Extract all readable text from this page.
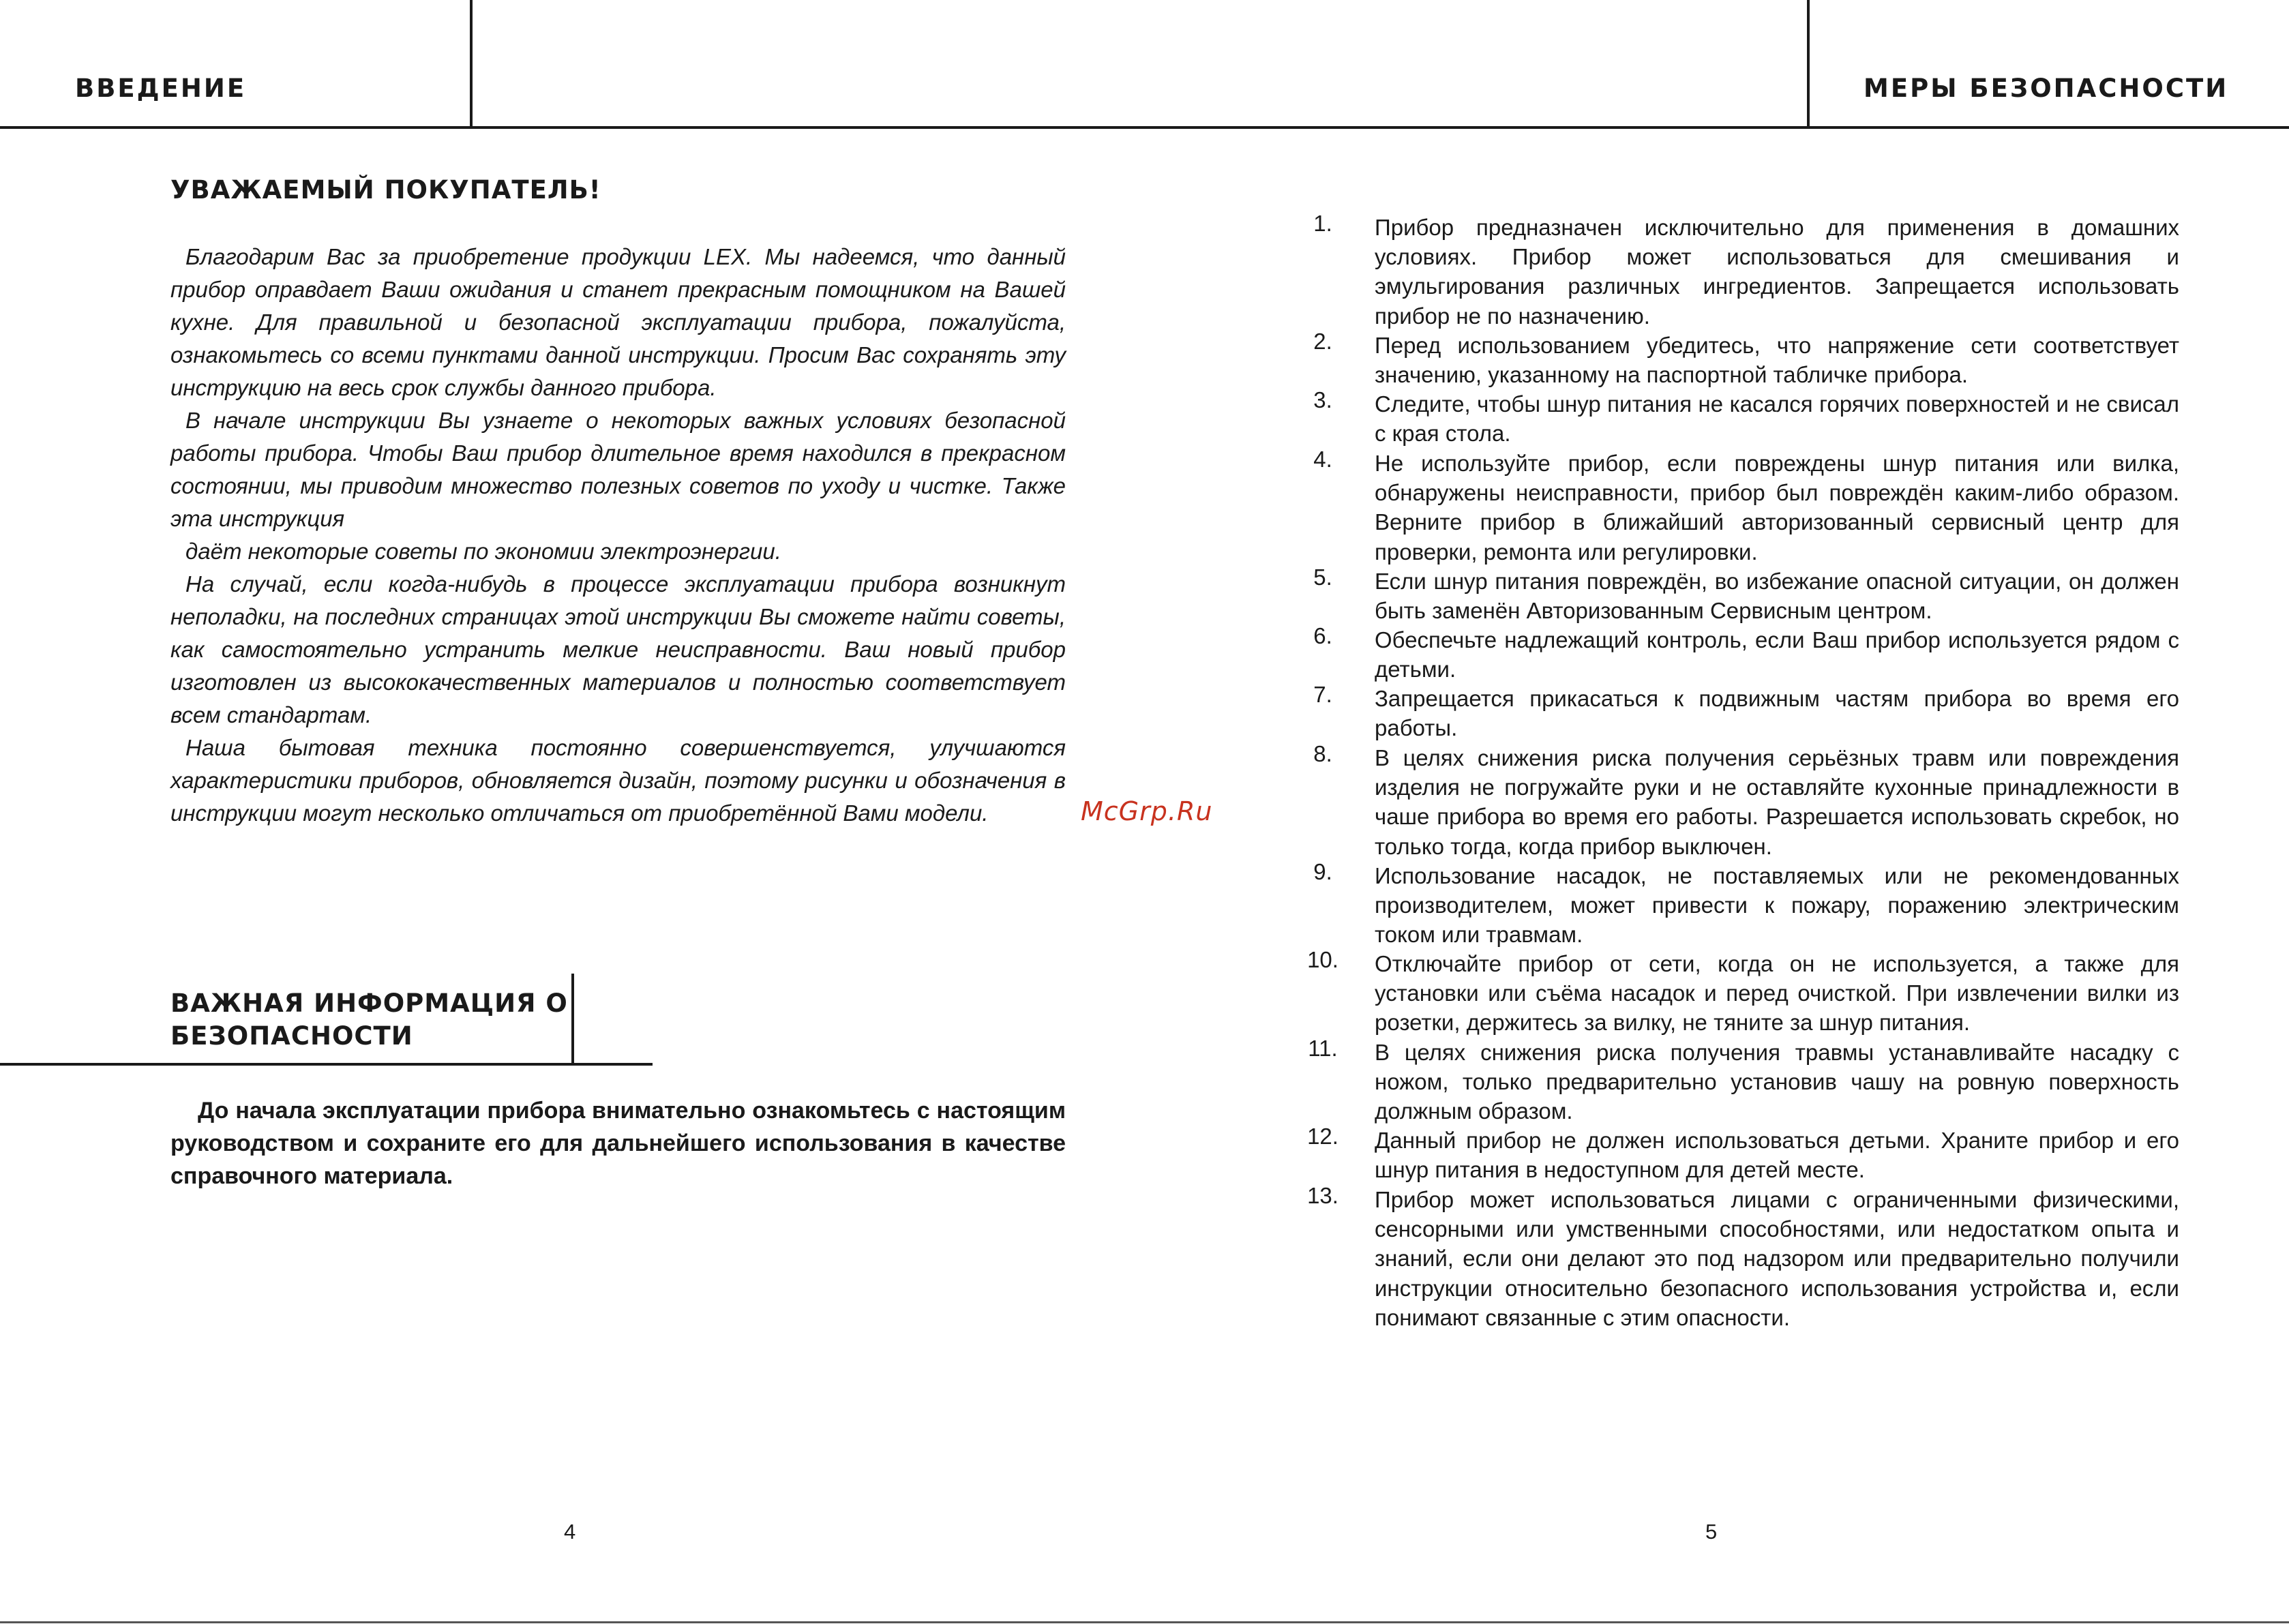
ВВЕДЕНИЕ	МЕРЫ БЕЗОПАСНОСТИ
УВАЖАЕМЫЙ ПОКУПАТЕЛЬ!

Благодарим Вас за приобретение продукции LEX. Мы надеемся, что данный прибор оправдает Ваши ожидания и станет прекрасным помощником на Вашей кухне. Для правильной и безопасной эксплуатации прибора, пожалуйста, ознакомьтесь со всеми пунктами данной инструкции. Просим Вас сохранять эту инструкцию на весь срок службы данного прибора.

В начале инструкции Вы узнаете о некоторых важных условиях безопасной работы прибора. Чтобы Ваш прибор длительное время находился в прекрасном состоянии, мы приводим множество полезных советов по уходу и чистке. Также эта инструкция

даёт некоторые советы по экономии электроэнергии.

На случай, если когда-нибудь в процессе эксплуатации прибора возникнут неполадки, на последних страницах этой инструкции Вы сможете найти советы, как самостоятельно устранить мелкие неисправности. Ваш новый прибор изготовлен из высококачественных материалов и полностью соответствует всем стандартам.

Наша бытовая техника постоянно совершенствуется, улучшаются характеристики приборов, обновляется дизайн, поэтому рисунки и обозначения в инструкции могут несколько отличаться от приобретённой Вами модели.	McGrp.Ru
ВАЖНАЯ ИНФОРМАЦИЯ О
БЕЗОПАСНОСТИ
До начала эксплуатации прибора внимательно ознакомьтесь с настоящим руководством и сохраните его для дальнейшего использования в качестве справочного материала.
1.	Прибор предназначен исключительно для применения в домашних условиях. Прибор может использоваться для смешивания и эмульгирования различных ингредиентов. Запрещается использовать прибор не по назначению.
2.	Перед использованием убедитесь, что напряжение сети соответствует значению, указанному на паспортной табличке прибора.
3.	Следите, чтобы шнур питания не касался горячих поверхностей и не свисал с края стола.
4.	Не используйте прибор, если повреждены шнур питания или вилка, обнаружены неисправности, прибор был повреждён каким-либо образом. Верните прибор в ближайший авторизованный сервисный центр для проверки, ремонта или регулировки.
5.	Если шнур питания повреждён, во избежание опасной ситуации, он должен быть заменён Авторизованным Сервисным центром.
6.	Обеспечьте надлежащий контроль, если Ваш прибор используется рядом с детьми.
7.	Запрещается прикасаться к подвижным частям прибора во время его работы.
8.	В целях снижения риска получения серьёзных травм или повреждения изделия не погружайте руки и не оставляйте кухонные принадлежности в чаше прибора во время его работы. Разрешается использовать скребок, но только тогда, когда прибор выключен.
9.	Использование насадок, не поставляемых или не рекомендованных производителем, может привести к пожару, поражению электрическим током или травмам.
10.	Отключайте прибор от сети, когда он не используется, а также для установки или съёма насадок и перед очисткой. При извлечении вилки из розетки, держитесь за вилку, не тяните за шнур питания.
11.	В целях снижения риска получения травмы устанавливайте насадку с ножом, только предварительно установив чашу на ровную поверхность должным образом.
12.	Данный прибор не должен использоваться детьми. Храните прибор и его шнур питания в недоступном для детей месте.
13.	Прибор может использоваться лицами с ограниченными физическими, сенсорными или умственными способностями, или недостатком опыта и знаний, если они делают это под надзором или предварительно получили инструкции относительно безопасного использования устройства и, если понимают связанные с этим опасности.
4	5
